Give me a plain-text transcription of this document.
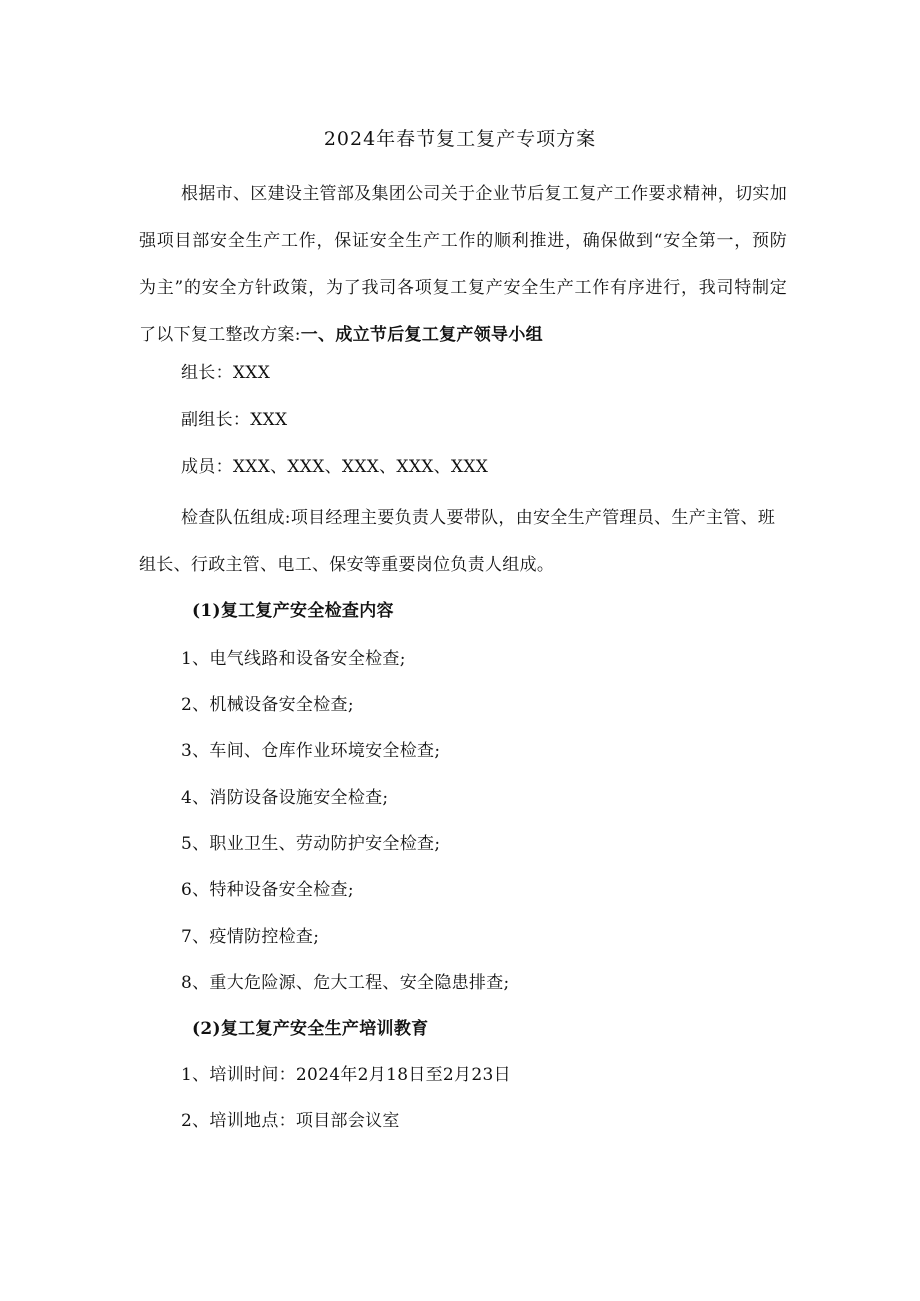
2024年春节复工复产专项方案

根据市、区建设主管部及集团公司关于企业节后复工复产工作要求精神，切实加强项目部安全生产工作，保证安全生产工作的顺利推进，确保做到“安全第一，预防为主”的安全方针政策，为了我司各项复工复产安全生产工作有序进行，我司特制定了以下复工整改方案:一、成立节后复工复产领导小组

组长：XXX
副组长：XXX
成员：XXX、XXX、XXX、XXX、XXX

检查队伍组成:项目经理主要负责人要带队，由安全生产管理员、生产主管、班组长、行政主管、电工、保安等重要岗位负责人组成。

(1)复工复产安全检查内容
1、电气线路和设备安全检查;
2、机械设备安全检查;
3、车间、仓库作业环境安全检查;
4、消防设备设施安全检查;
5、职业卫生、劳动防护安全检查;
6、特种设备安全检查;
7、疫情防控检查;
8、重大危险源、危大工程、安全隐患排查;
(2)复工复产安全生产培训教育
1、培训时间：2024年2月18日至2月23日
2、培训地点：项目部会议室
